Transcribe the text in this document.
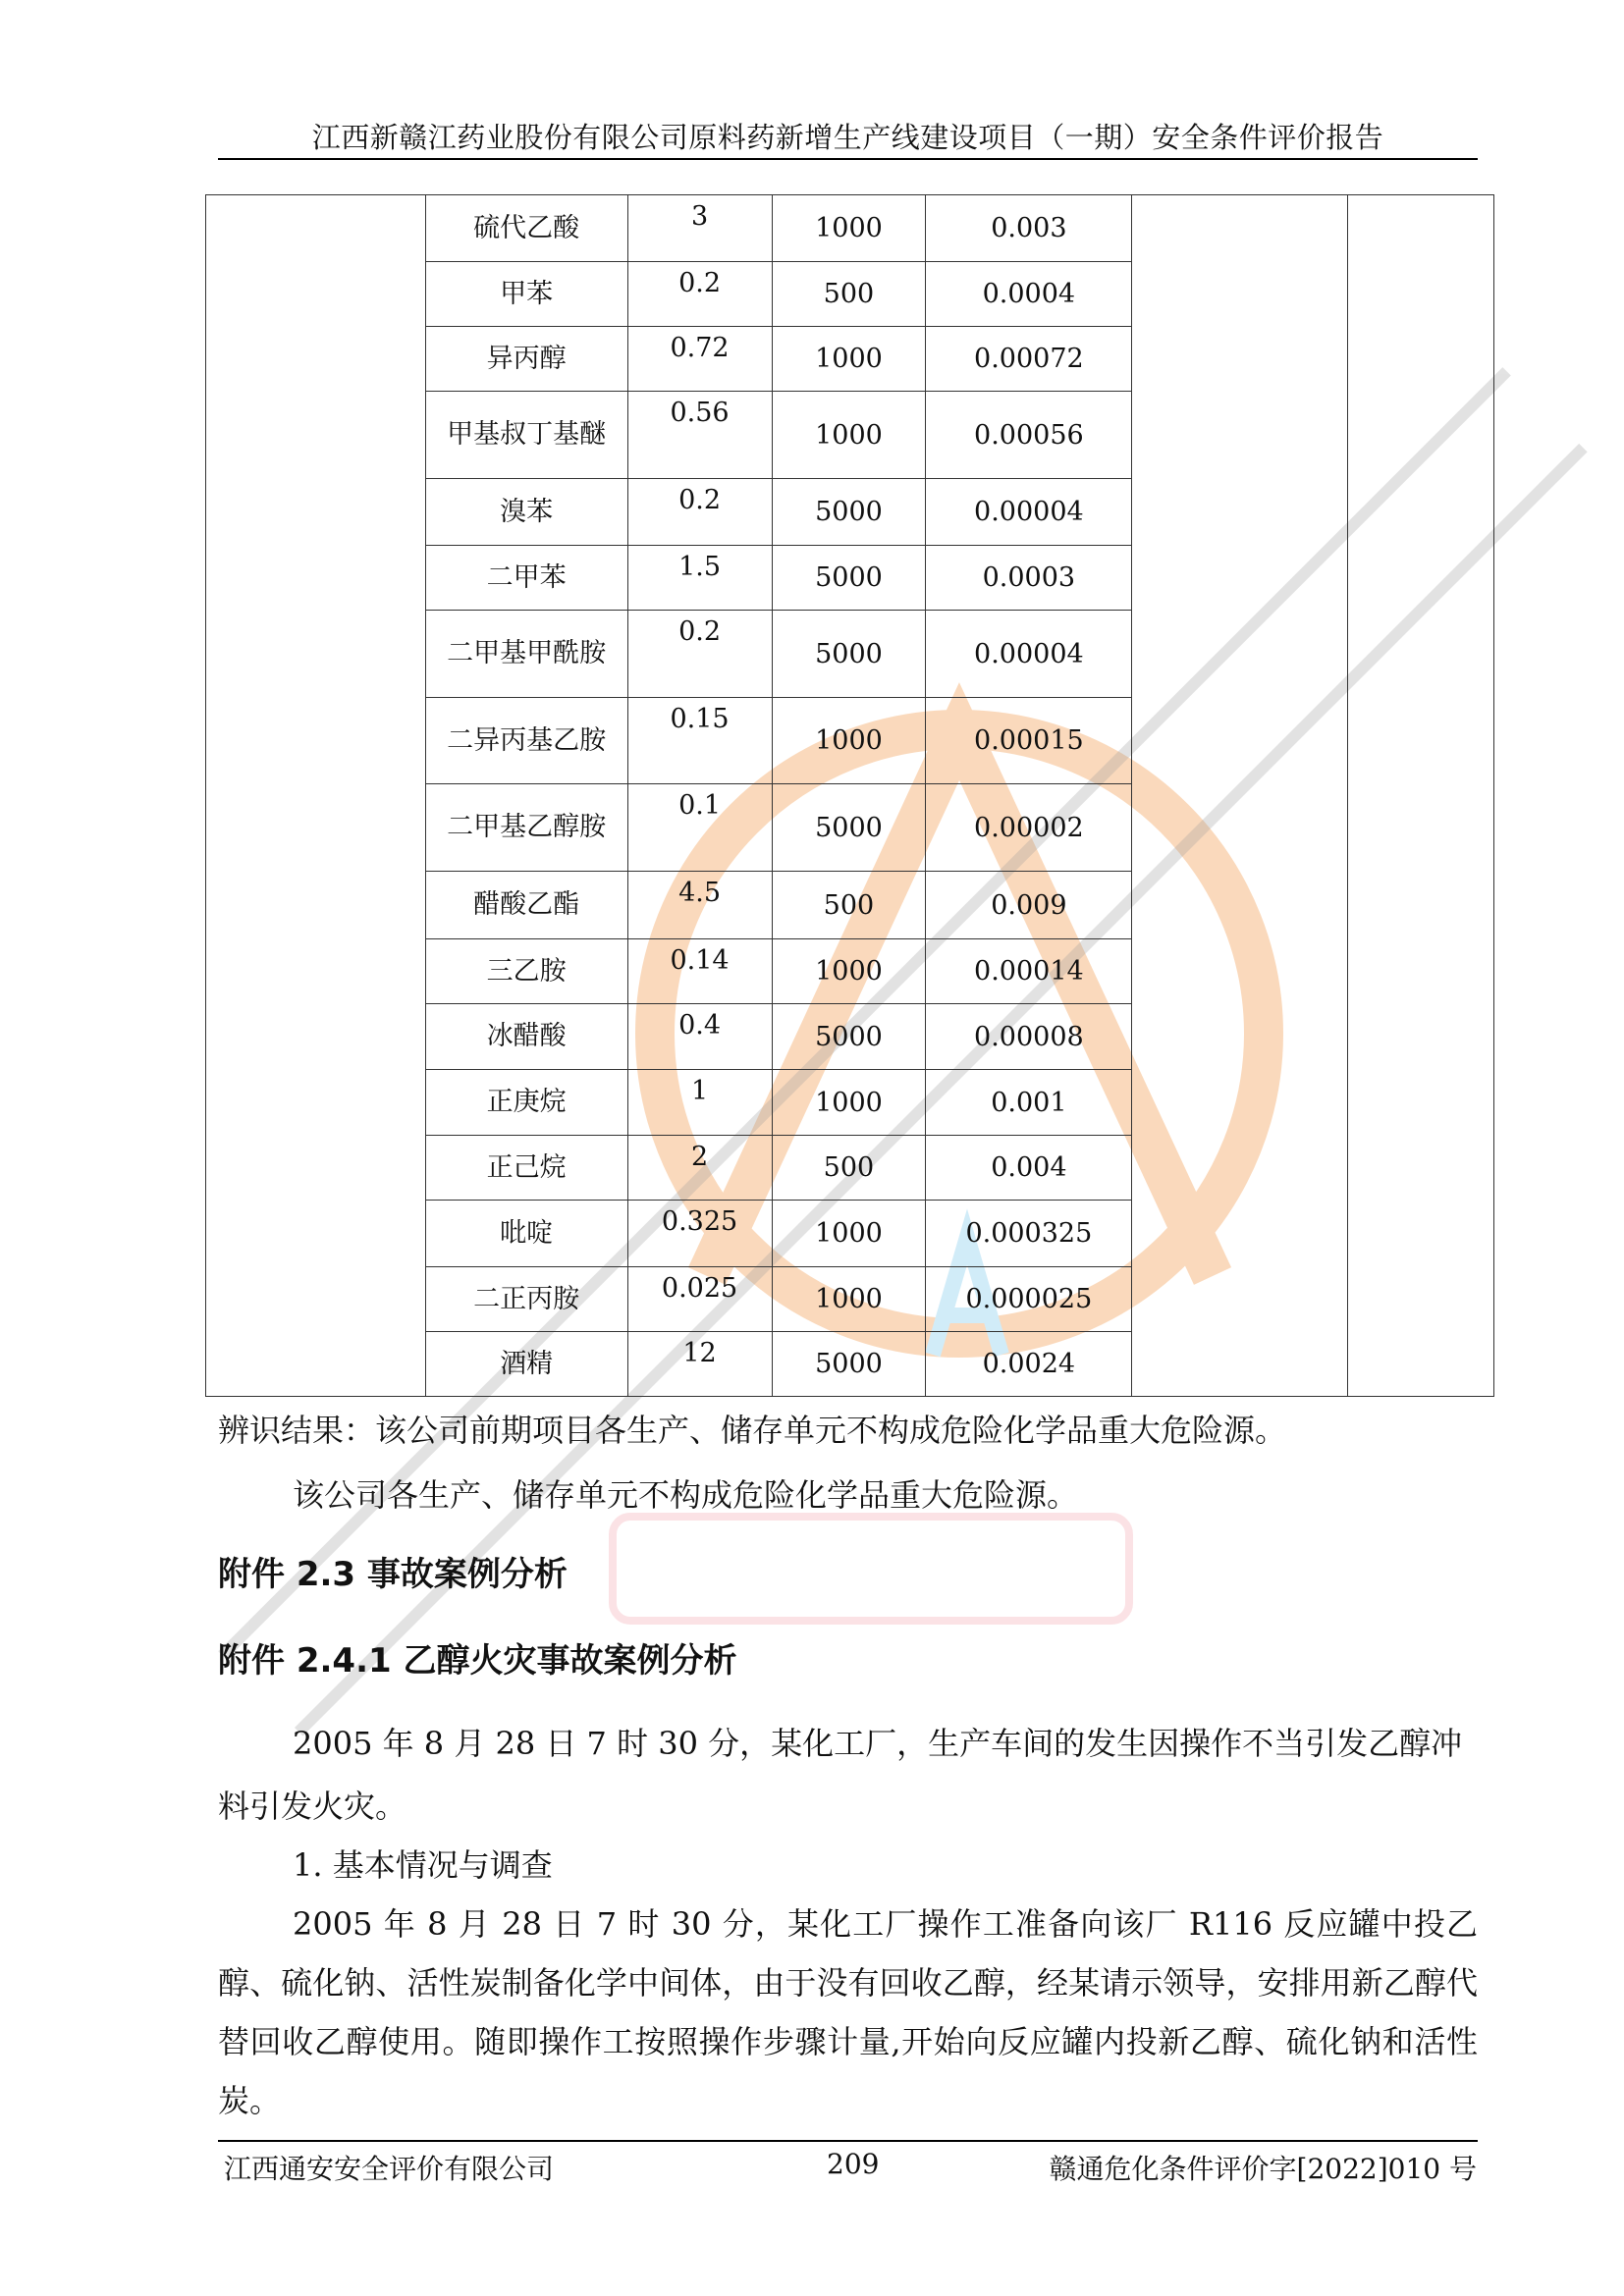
江西新赣江药业股份有限公司原料药新增生产线建设项目（一期）安全条件评价报告
	硫代乙酸	3	1000	0.003		
	甲苯	0.2	500	0.0004		
	异丙醇	0.72	1000	0.00072		
	甲基叔丁基醚	0.56	1000	0.00056		
	溴苯	0.2	5000	0.00004		
	二甲苯	1.5	5000	0.0003		
	二甲基甲酰胺	0.2	5000	0.00004		
	二异丙基乙胺	0.15	1000	0.00015		
	二甲基乙醇胺	0.1	5000	0.00002		
	醋酸乙酯	4.5	500	0.009		
	三乙胺	0.14	1000	0.00014		
	冰醋酸	0.4	5000	0.00008		
	正庚烷	1	1000	0.001		
	正己烷	2	500	0.004		
	吡啶	0.325	1000	0.000325		
	二正丙胺	0.025	1000	0.000025		
	酒精	12	5000	0.0024		
辨识结果：该公司前期项目各生产、储存单元不构成危险化学品重大危险源。
该公司各生产、储存单元不构成危险化学品重大危险源。
附件 2.3 事故案例分析
附件 2.4.1 乙醇火灾事故案例分析
2005 年 8 月 28 日 7 时 30 分，某化工厂，生产车间的发生因操作不当引发乙醇冲料引发火灾。
1. 基本情况与调查
2005 年 8 月 28 日 7 时 30 分，某化工厂操作工准备向该厂 R116 反应罐中投乙醇、硫化钠、活性炭制备化学中间体，由于没有回收乙醇，经某请示领导，安排用新乙醇代替回收乙醇使用。随即操作工按照操作步骤计量,开始向反应罐内投新乙醇、硫化钠和活性炭。
江西通安安全评价有限公司	209	赣通危化条件评价字[2022]010 号
